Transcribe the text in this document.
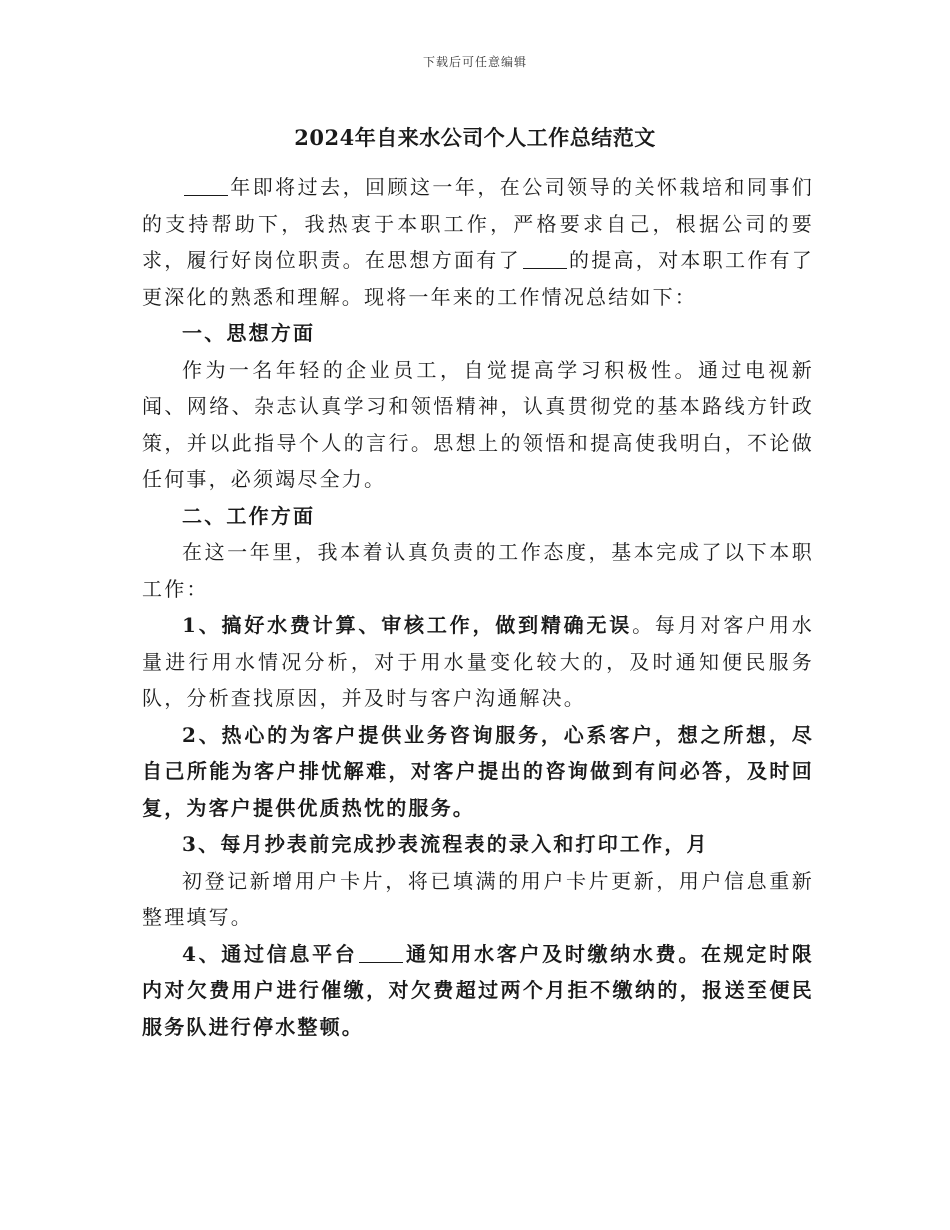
下载后可任意编辑
2024年自来水公司个人工作总结范文

年即将过去，回顾这一年，在公司领导的关怀栽培和同事们的支持帮助下，我热衷于本职工作，严格要求自己，根据公司的要求，履行好岗位职责。在思想方面有了 的提高，对本职工作有了更深化的熟悉和理解。现将一年来的工作情况总结如下：

一、思想方面

作为一名年轻的企业员工，自觉提高学习积极性。通过电视新闻、网络、杂志认真学习和领悟精神，认真贯彻党的基本路线方针政策，并以此指导个人的言行。思想上的领悟和提高使我明白，不论做任何事，必须竭尽全力。

二、工作方面

在这一年里，我本着认真负责的工作态度，基本完成了以下本职工作：

1、搞好水费计算、审核工作，做到精确无误。每月对客户用水量进行用水情况分析，对于用水量变化较大的，及时通知便民服务队，分析查找原因，并及时与客户沟通解决。

2、热心的为客户提供业务咨询服务，心系客户，想之所想，尽自己所能为客户排忧解难，对客户提出的咨询做到有问必答，及时回复，为客户提供优质热忱的服务。

3、每月抄表前完成抄表流程表的录入和打印工作，月

初登记新增用户卡片，将已填满的用户卡片更新，用户信息重新整理填写。

4、通过信息平台 通知用水客户及时缴纳水费。在规定时限内对欠费用户进行催缴，对欠费超过两个月拒不缴纳的，报送至便民服务队进行停水整顿。
